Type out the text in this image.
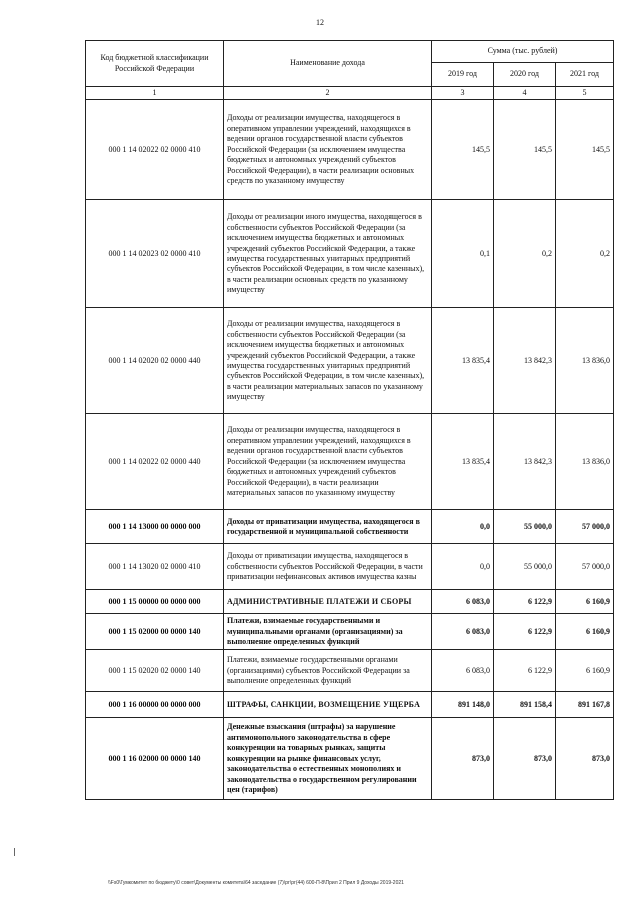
12
Код бюджетной классификации Российской Федерации	Наименование дохода	Сумма (тыс. рублей)		
		2019 год	2020 год	2021 год
1	2	3	4	5
000 1 14 02022 02 0000 410	Доходы от реализации имущества, находящегося в оперативном управлении учреждений, находящихся в ведении органов государственной власти субъектов Российской Федерации (за исключением имущества бюджетных и автономных учреждений субъектов Российской Федерации), в части реализации основных средств по указанному имуществу	145,5	145,5	145,5
000 1 14 02023 02 0000 410	Доходы от реализации иного имущества, находящегося в собственности субъектов Российской Федерации (за исключением имущества бюджетных и автономных учреждений субъектов Российской Федерации, а также имущества государственных унитарных предприятий субъектов Российской Федерации, в том числе казенных), в части реализации основных средств по указанному имуществу	0,1	0,2	0,2
000 1 14 02020 02 0000 440	Доходы от реализации имущества, находящегося в собственности субъектов Российской Федерации (за исключением имущества бюджетных и автономных учреждений субъектов Российской Федерации, а также имущества государственных унитарных предприятий субъектов Российской Федерации, в том числе казенных), в части реализации материальных запасов по указанному имуществу	13 835,4	13 842,3	13 836,0
000 1 14 02022 02 0000 440	Доходы от реализации имущества, находящегося в оперативном управлении учреждений, находящихся в ведении органов государственной власти субъектов Российской Федерации (за исключением имущества бюджетных и автономных учреждений субъектов Российской Федерации), в части реализации материальных запасов по указанному имуществу	13 835,4	13 842,3	13 836,0
000 1 14 13000 00 0000 000	Доходы от приватизации имущества, находящегося в государственной и муниципальной собственности	0,0	55 000,0	57 000,0
000 1 14 13020 02 0000 410	Доходы от приватизации имущества, находящегося в собственности субъектов Российской Федерации, в части приватизации нефинансовых активов имущества казны	0,0	55 000,0	57 000,0
000 1 15 00000 00 0000 000	АДМИНИСТРАТИВНЫЕ ПЛАТЕЖИ И СБОРЫ	6 083,0	6 122,9	6 160,9
000 1 15 02000 00 0000 140	Платежи, взимаемые государственными и муниципальными органами (организациями) за выполнение определенных функций	6 083,0	6 122,9	6 160,9
000 1 15 02020 02 0000 140	Платежи, взимаемые государственными органами (организациями) субъектов Российской Федерации за выполнение определенных функций	6 083,0	6 122,9	6 160,9
000 1 16 00000 00 0000 000	ШТРАФЫ, САНКЦИИ, ВОЗМЕЩЕНИЕ УЩЕРБА	891 148,0	891 158,4	891 167,8
000 1 16 02000 00 0000 140	Денежные взыскания (штрафы) за нарушение антимонопольного законодательства в сфере конкуренции на товарных рынках, защиты конкуренции на рынке финансовых услуг, законодательства о естественных монополиях и законодательства о государственном регулировании цен (тарифов)	873,0	873,0	873,0
\\Fs0\Гумкомитет по бюджету\0 совет\Документы комитета\64 заседание (7)\рг\рг(44) 600-П-8\Прил 2 Прил 9 Доходы 2019-2021
